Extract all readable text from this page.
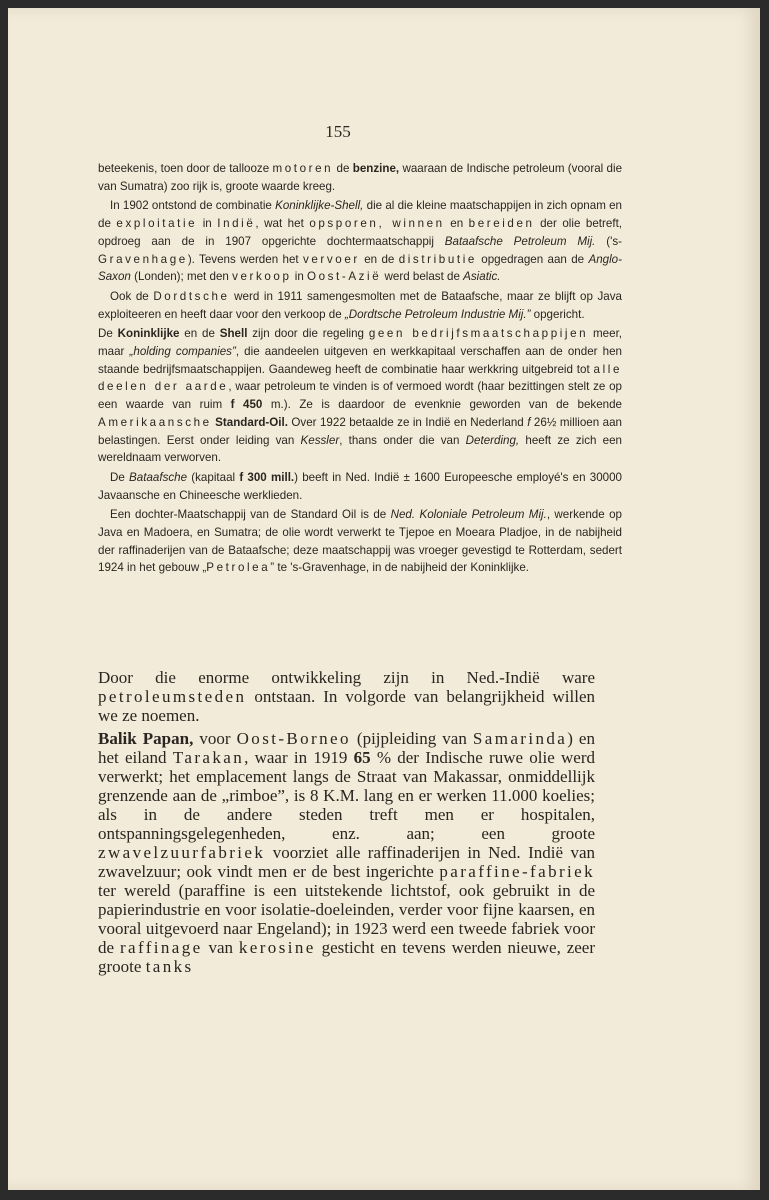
155

beteekenis, toen door de tallooze motoren de benzine, waaraan de Indische petroleum (vooral die van Sumatra) zoo rijk is, groote waarde kreeg.

In 1902 ontstond de combinatie Koninklijke-Shell, die al die kleine maatschappijen in zich opnam en de exploitatie in Indië, wat het opsporen, winnen en bereiden der olie betreft, opdroeg aan de in 1907 opgerichte dochtermaatschappij Bataafsche Petroleum Mij. ('s-Gravenhage). Tevens werden het vervoer en de distributie opgedragen aan de Anglo-Saxon (Londen); met den verkoop in Oost-Azië werd belast de Asiatic.

Ook de Dordtsche werd in 1911 samengesmolten met de Bataafsche, maar ze blijft op Java exploiteeren en heeft daar voor den verkoop de „Dordtsche Petroleum Industrie Mij.” opgericht.

De Koninklijke en de Shell zijn door die regeling geen bedrijfsmaatschappijen meer, maar „holding companies”, die aandeelen uitgeven en werkkapitaal verschaffen aan de onder hen staande bedrijfsmaatschappijen. Gaandeweg heeft de combinatie haar werkkring uitgebreid tot alle deelen der aarde, waar petroleum te vinden is of vermoed wordt (haar bezittingen stelt ze op een waarde van ruim f 450 m.). Ze is daardoor de evenknie geworden van de bekende Amerikaansche Standard-Oil. Over 1922 betaalde ze in Indië en Nederland f 26½ millioen aan belastingen. Eerst onder leiding van Kessler, thans onder die van Deterding, heeft ze zich een wereldnaam verworven.

De Bataafsche (kapitaal f 300 mill.) beeft in Ned. Indië ± 1600 Europeesche employé's en 30000 Javaansche en Chineesche werklieden.

Een dochter-Maatschappij van de Standard Oil is de Ned. Koloniale Petroleum Mij., werkende op Java en Madoera, en Sumatra; de olie wordt verwerkt te Tjepoe en Moeara Pladjoe, in de nabijheid der raffinaderijen van de Bataafsche; deze maatschappij was vroeger gevestigd te Rotterdam, sedert 1924 in het gebouw „Petrolea” te 's-Gravenhage, in de nabijheid der Koninklijke.

Door die enorme ontwikkeling zijn in Ned.-Indië ware petroleumsteden ontstaan. In volgorde van belangrijkheid willen we ze noemen.

Balik Papan, voor Oost-Borneo (pijpleiding van Samarinda) en het eiland Tarakan, waar in 1919 65 % der Indische ruwe olie werd verwerkt; het emplacement langs de Straat van Makassar, onmiddellijk grenzende aan de „rimboe”, is 8 K.M. lang en er werken 11.000 koelies; als in de andere steden treft men er hospitalen, ontspanningsgelegenheden, enz. aan; een groote zwavelzuurfabriek voorziet alle raffinaderijen in Ned. Indië van zwavelzuur; ook vindt men er de best ingerichte paraffine-fabriek ter wereld (paraffine is een uitstekende lichtstof, ook gebruikt in de papierindustrie en voor isolatie-doeleinden, verder voor fijne kaarsen, en vooral uitgevoerd naar Engeland); in 1923 werd een tweede fabriek voor de raffinage van kerosine gesticht en tevens werden nieuwe, zeer groote tanks
